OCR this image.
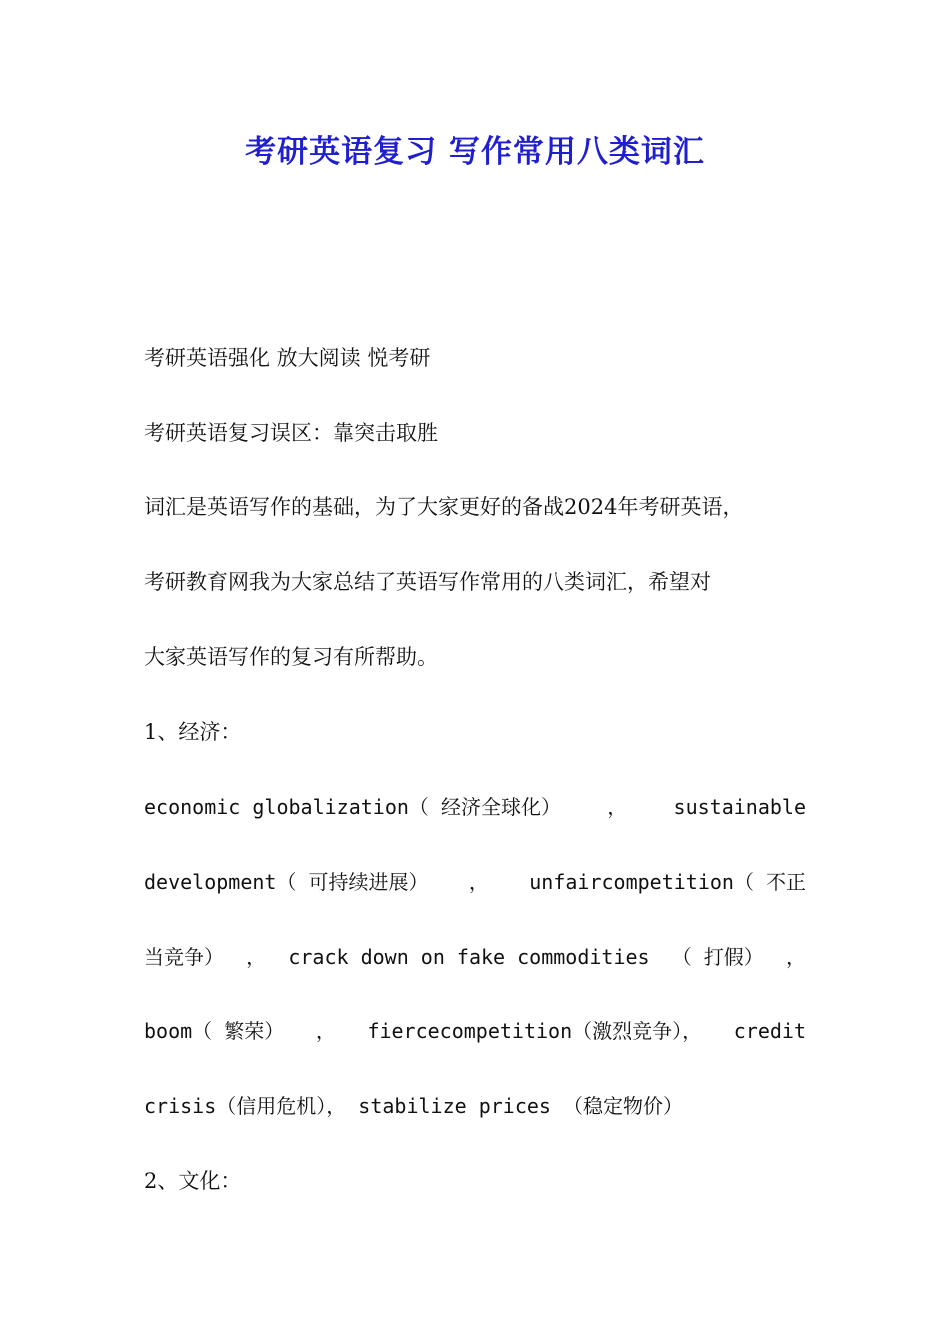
考研英语复习 写作常用八类词汇
考研英语强化 放大阅读 悦考研
考研英语复习误区：靠突击取胜
词汇是英语写作的基础，为了大家更好的备战2024年考研英语，
考研教育网我为大家总结了英语写作常用的八类词汇，希望对
大家英语写作的复习有所帮助。
1、经济：
economic globalization（ 经济全球化） ， sustainable
development（ 可持续进展） ， unfaircompetition（ 不正
当竞争） ， crack down on fake commodities （ 打假） ，
boom（ 繁荣） ， fiercecompetition（激烈竞争）， credit
crisis（信用危机）， stabilize prices （稳定物价）
2、文化：
